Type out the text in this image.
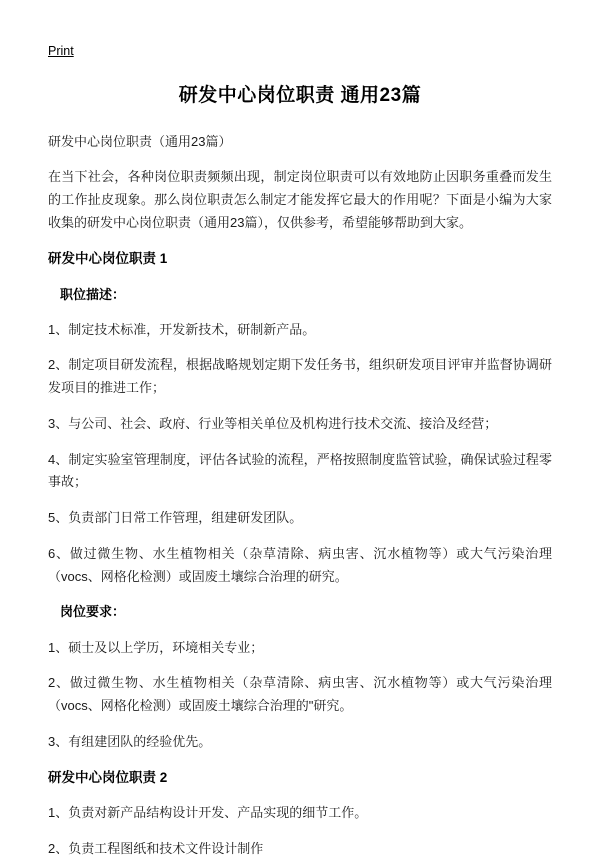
Print
研发中心岗位职责 通用23篇

研发中心岗位职责（通用23篇）

在当下社会，各种岗位职责频频出现，制定岗位职责可以有效地防止因职务重叠而发生的工作扯皮现象。那么岗位职责怎么制定才能发挥它最大的作用呢？下面是小编为大家收集的研发中心岗位职责（通用23篇），仅供参考，希望能够帮助到大家。

研发中心岗位职责 1

职位描述：

1、制定技术标准，开发新技术，研制新产品。

2、制定项目研发流程，根据战略规划定期下发任务书，组织研发项目评审并监督协调研发项目的推进工作；

3、与公司、社会、政府、行业等相关单位及机构进行技术交流、接洽及经营；

4、制定实验室管理制度，评估各试验的流程，严格按照制度监管试验，确保试验过程零事故；

5、负责部门日常工作管理，组建研发团队。

6、做过微生物、水生植物相关（杂草清除、病虫害、沉水植物等）或大气污染治理（vocs、网格化检测）或固废土壤综合治理的研究。

岗位要求：

1、硕士及以上学历，环境相关专业；

2、做过微生物、水生植物相关（杂草清除、病虫害、沉水植物等）或大气污染治理（vocs、网格化检测）或固废土壤综合治理的"研究。

3、有组建团队的经验优先。

研发中心岗位职责 2

1、负责对新产品结构设计开发、产品实现的细节工作。

2、负责工程图纸和技术文件设计制作
